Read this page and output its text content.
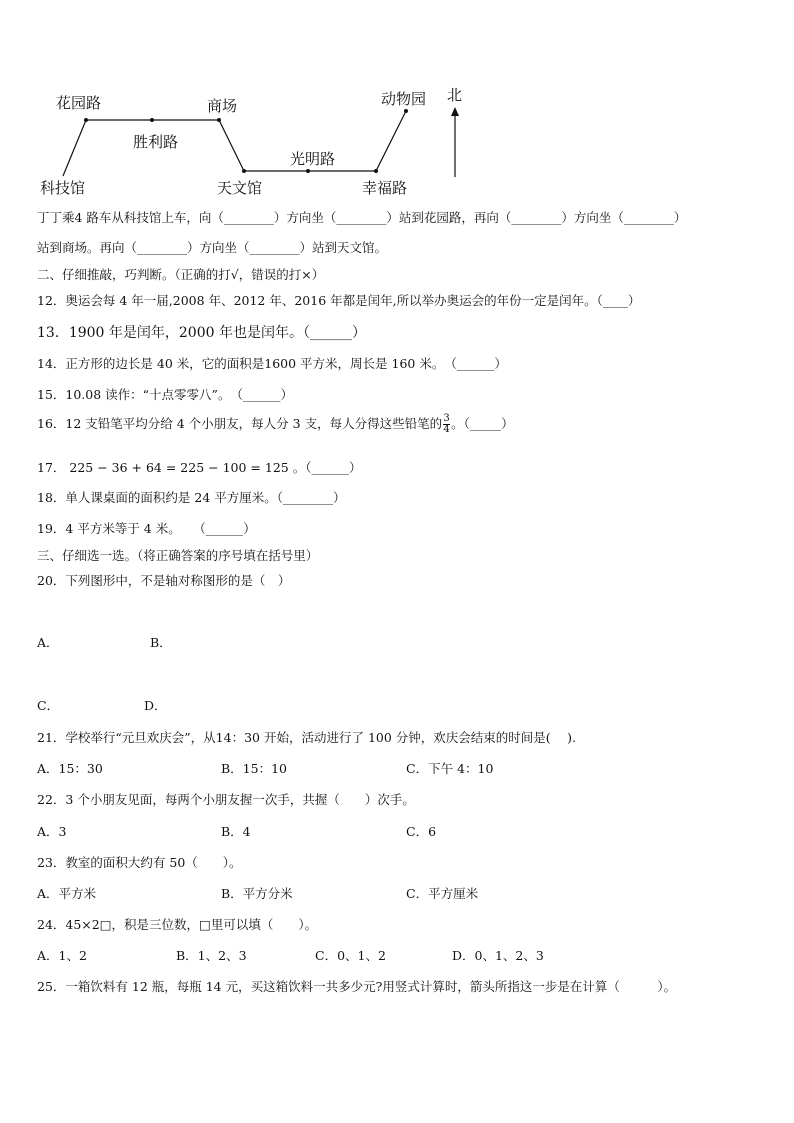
花园路	商场
胜利路
动物园 北
光明路
科技馆	天文馆	幸福路
丁丁乘4 路车从科技馆上车，向（________）方向坐（________）站到花园路，再向（________）方向坐（________）
站到商场。再向（________）方向坐（________）站到天文馆。
二、仔细推敲，巧判断。（正确的打√，错误的打×）
12．奥运会每 4 年一届,2008 年、2012 年、2016 年都是闰年,所以举办奥运会的年份一定是闰年。（____）
13．1900 年是闰年，2000 年也是闰年。（______）
14．正方形的边长是 40 米，它的面积是1600 平方米，周长是 160 米。　（______）
15．10.08 读作：“十点零零八”。　（______）
16．12 支铅笔平均分给 4 个小朋友，每人分 3 支，每人分得这些铅笔的 $\frac{3}{4}$ 。（_____）
17． 225 − 36 + 64 = 225 − 100 = 125 。（______）
18．单人课桌面的面积约是 24 平方厘米。（________）
19．4 平方米等于 4 米。　　（______）
三、仔细选一选。（将正确答案的序号填在括号里）
20．下列图形中，不是轴对称图形的是（　）
A．	B．
C．	D．
21．学校举行“元旦欢庆会”，从14：30 开始，活动进行了 100 分钟，欢庆会结束的时间是(　 ).
A．15：30	B．15：10	C．下午 4：10
22．3 个小朋友见面，每两个小朋友握一次手，共握（　　）次手。
A．3	B．4	C．6
23．教室的面积大约有 50（　　）。
A．平方米	B．平方分米	C．平方厘米
24．45×2□，积是三位数，□里可以填（　　）。
A．1、2	B．1、2、3	C．0、1、2	D．0、1、2、3
25．一箱饮料有 12 瓶，每瓶 14 元，买这箱饮料一共多少元?用竖式计算时，箭头所指这一步是在计算（　　　）。
